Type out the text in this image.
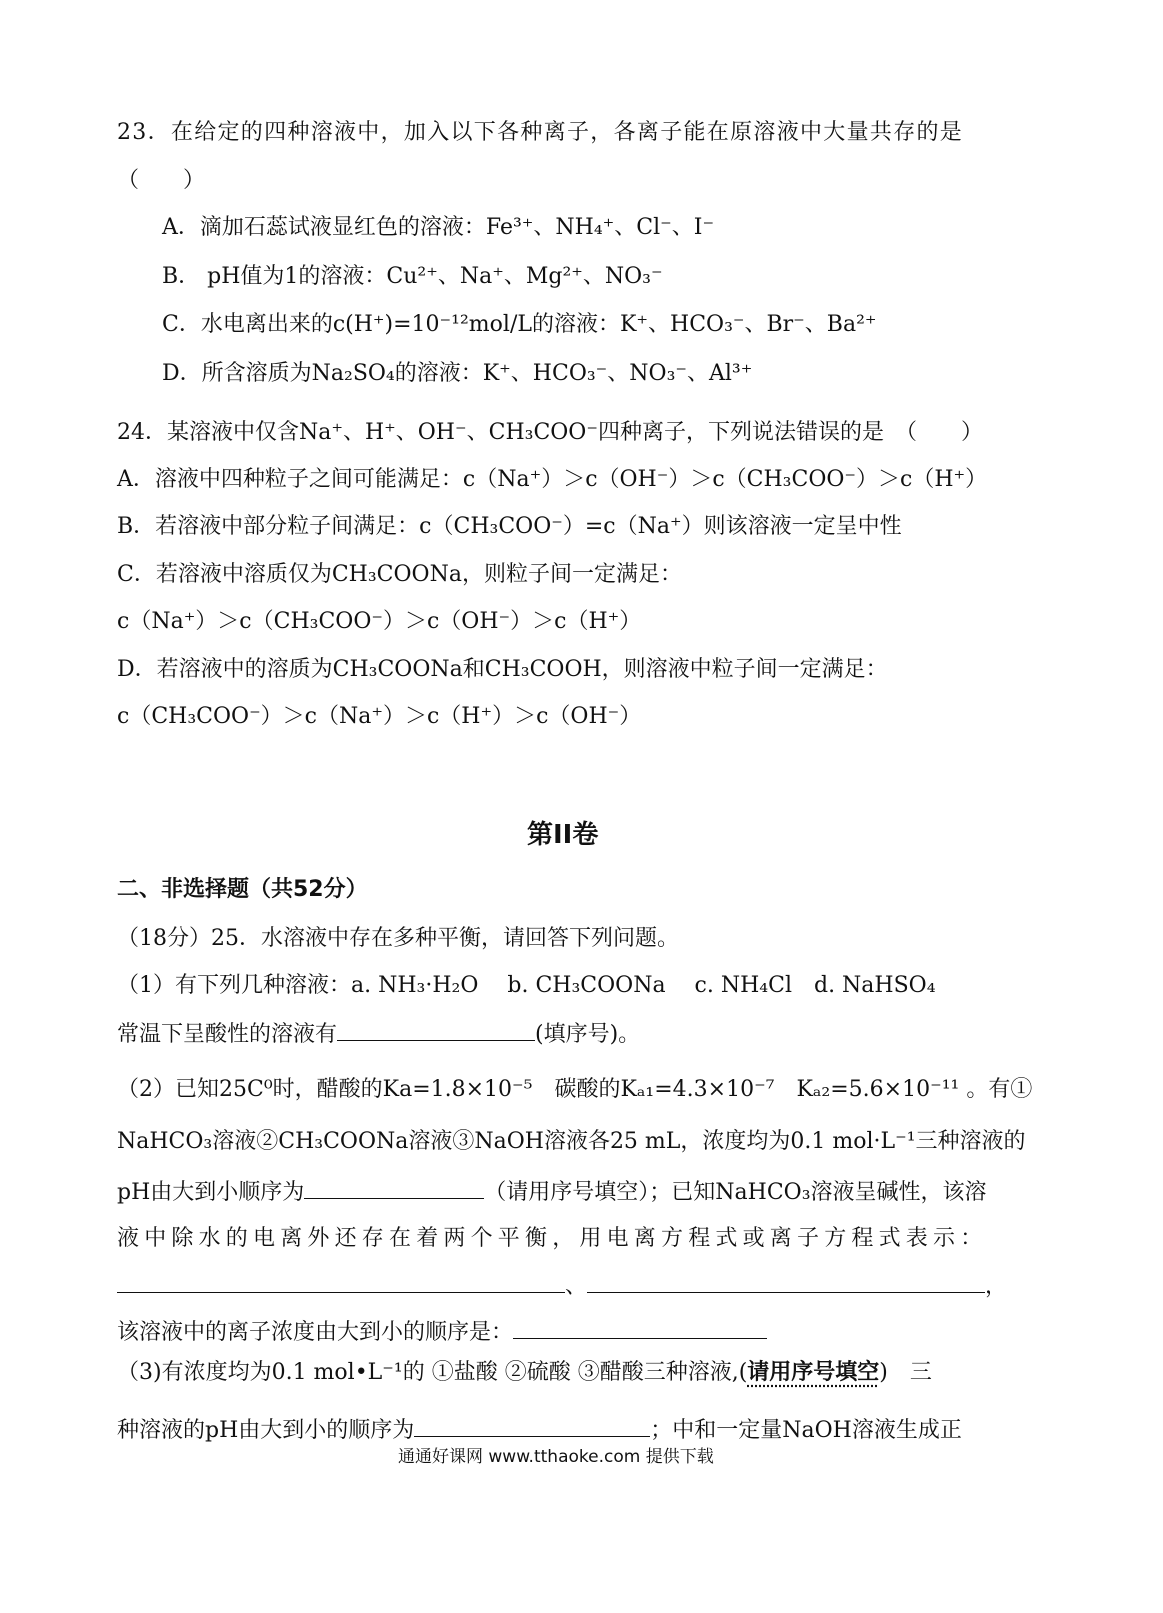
23．在给定的四种溶液中，加入以下各种离子，各离子能在原溶液中大量共存的是
（　　）
A．滴加石蕊试液显红色的溶液：Fe³⁺、NH₄⁺、Cl⁻、I⁻
B． pH值为1的溶液：Cu²⁺、Na⁺、Mg²⁺、NO₃⁻
C．水电离出来的c(H⁺)=10⁻¹²mol/L的溶液：K⁺、HCO₃⁻、Br⁻、Ba²⁺
D．所含溶质为Na₂SO₄的溶液：K⁺、HCO₃⁻、NO₃⁻、Al³⁺
24．某溶液中仅含Na⁺、H⁺、OH⁻、CH₃COO⁻四种离子，下列说法错误的是　（　　）
A．溶液中四种粒子之间可能满足：c（Na⁺）＞c（OH⁻）＞c（CH₃COO⁻）＞c（H⁺）
B．若溶液中部分粒子间满足：c（CH₃COO⁻）=c（Na⁺）则该溶液一定呈中性
C．若溶液中溶质仅为CH₃COONa，则粒子间一定满足：
c（Na⁺）＞c（CH₃COO⁻）＞c（OH⁻）＞c（H⁺）
D．若溶液中的溶质为CH₃COONa和CH₃COOH，则溶液中粒子间一定满足：
c（CH₃COO⁻）＞c（Na⁺）＞c（H⁺）＞c（OH⁻）
第II卷
二、非选择题（共52分）
（18分）25．水溶液中存在多种平衡，请回答下列问题。
（1）有下列几种溶液：a. NH₃·H₂O　 b. CH₃COONa　 c. NH₄Cl　d. NaHSO₄
常温下呈酸性的溶液有	(填序号)。
（2）已知25C⁰时，醋酸的Ka=1.8×10⁻⁵　碳酸的Kₐ₁=4.3×10⁻⁷　Kₐ₂=5.6×10⁻¹¹ 。有①
NaHCO₃溶液②CH₃COONa溶液③NaOH溶液各25 mL，浓度均为0.1 mol·L⁻¹三种溶液的
pH由大到小顺序为	（请用序号填空）；已知NaHCO₃溶液呈碱性，该溶
液中除水的电离外还存在着两个平衡，用电离方程式或离子方程式表示：
、	，
该溶液中的离子浓度由大到小的顺序是：
（3)有浓度均为0.1 mol•L⁻¹的 ①盐酸 ②硫酸 ③醋酸三种溶液,(请用序号填空)　三
种溶液的pH由大到小的顺序为	；中和一定量NaOH溶液生成正
通通好课网 www.tthaoke.com 提供下载
